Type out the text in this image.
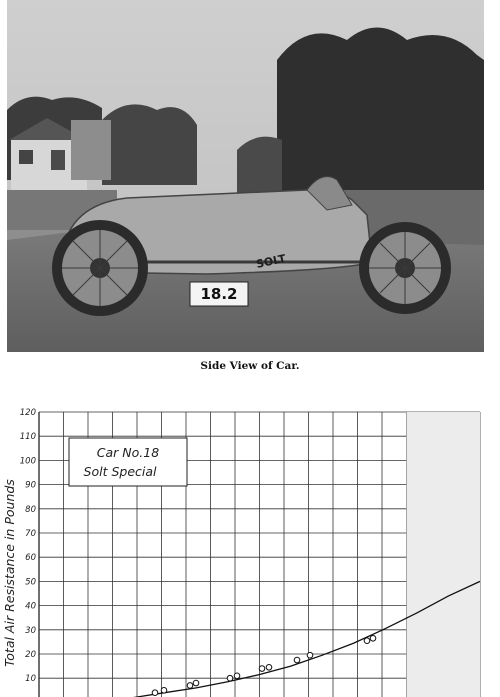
SOLT
18.2
Side View of Car.
10
20
30
40
50
60
70
80
90
100
110
120
Car No.18
Solt Special
Total Air Resistance in Pounds
